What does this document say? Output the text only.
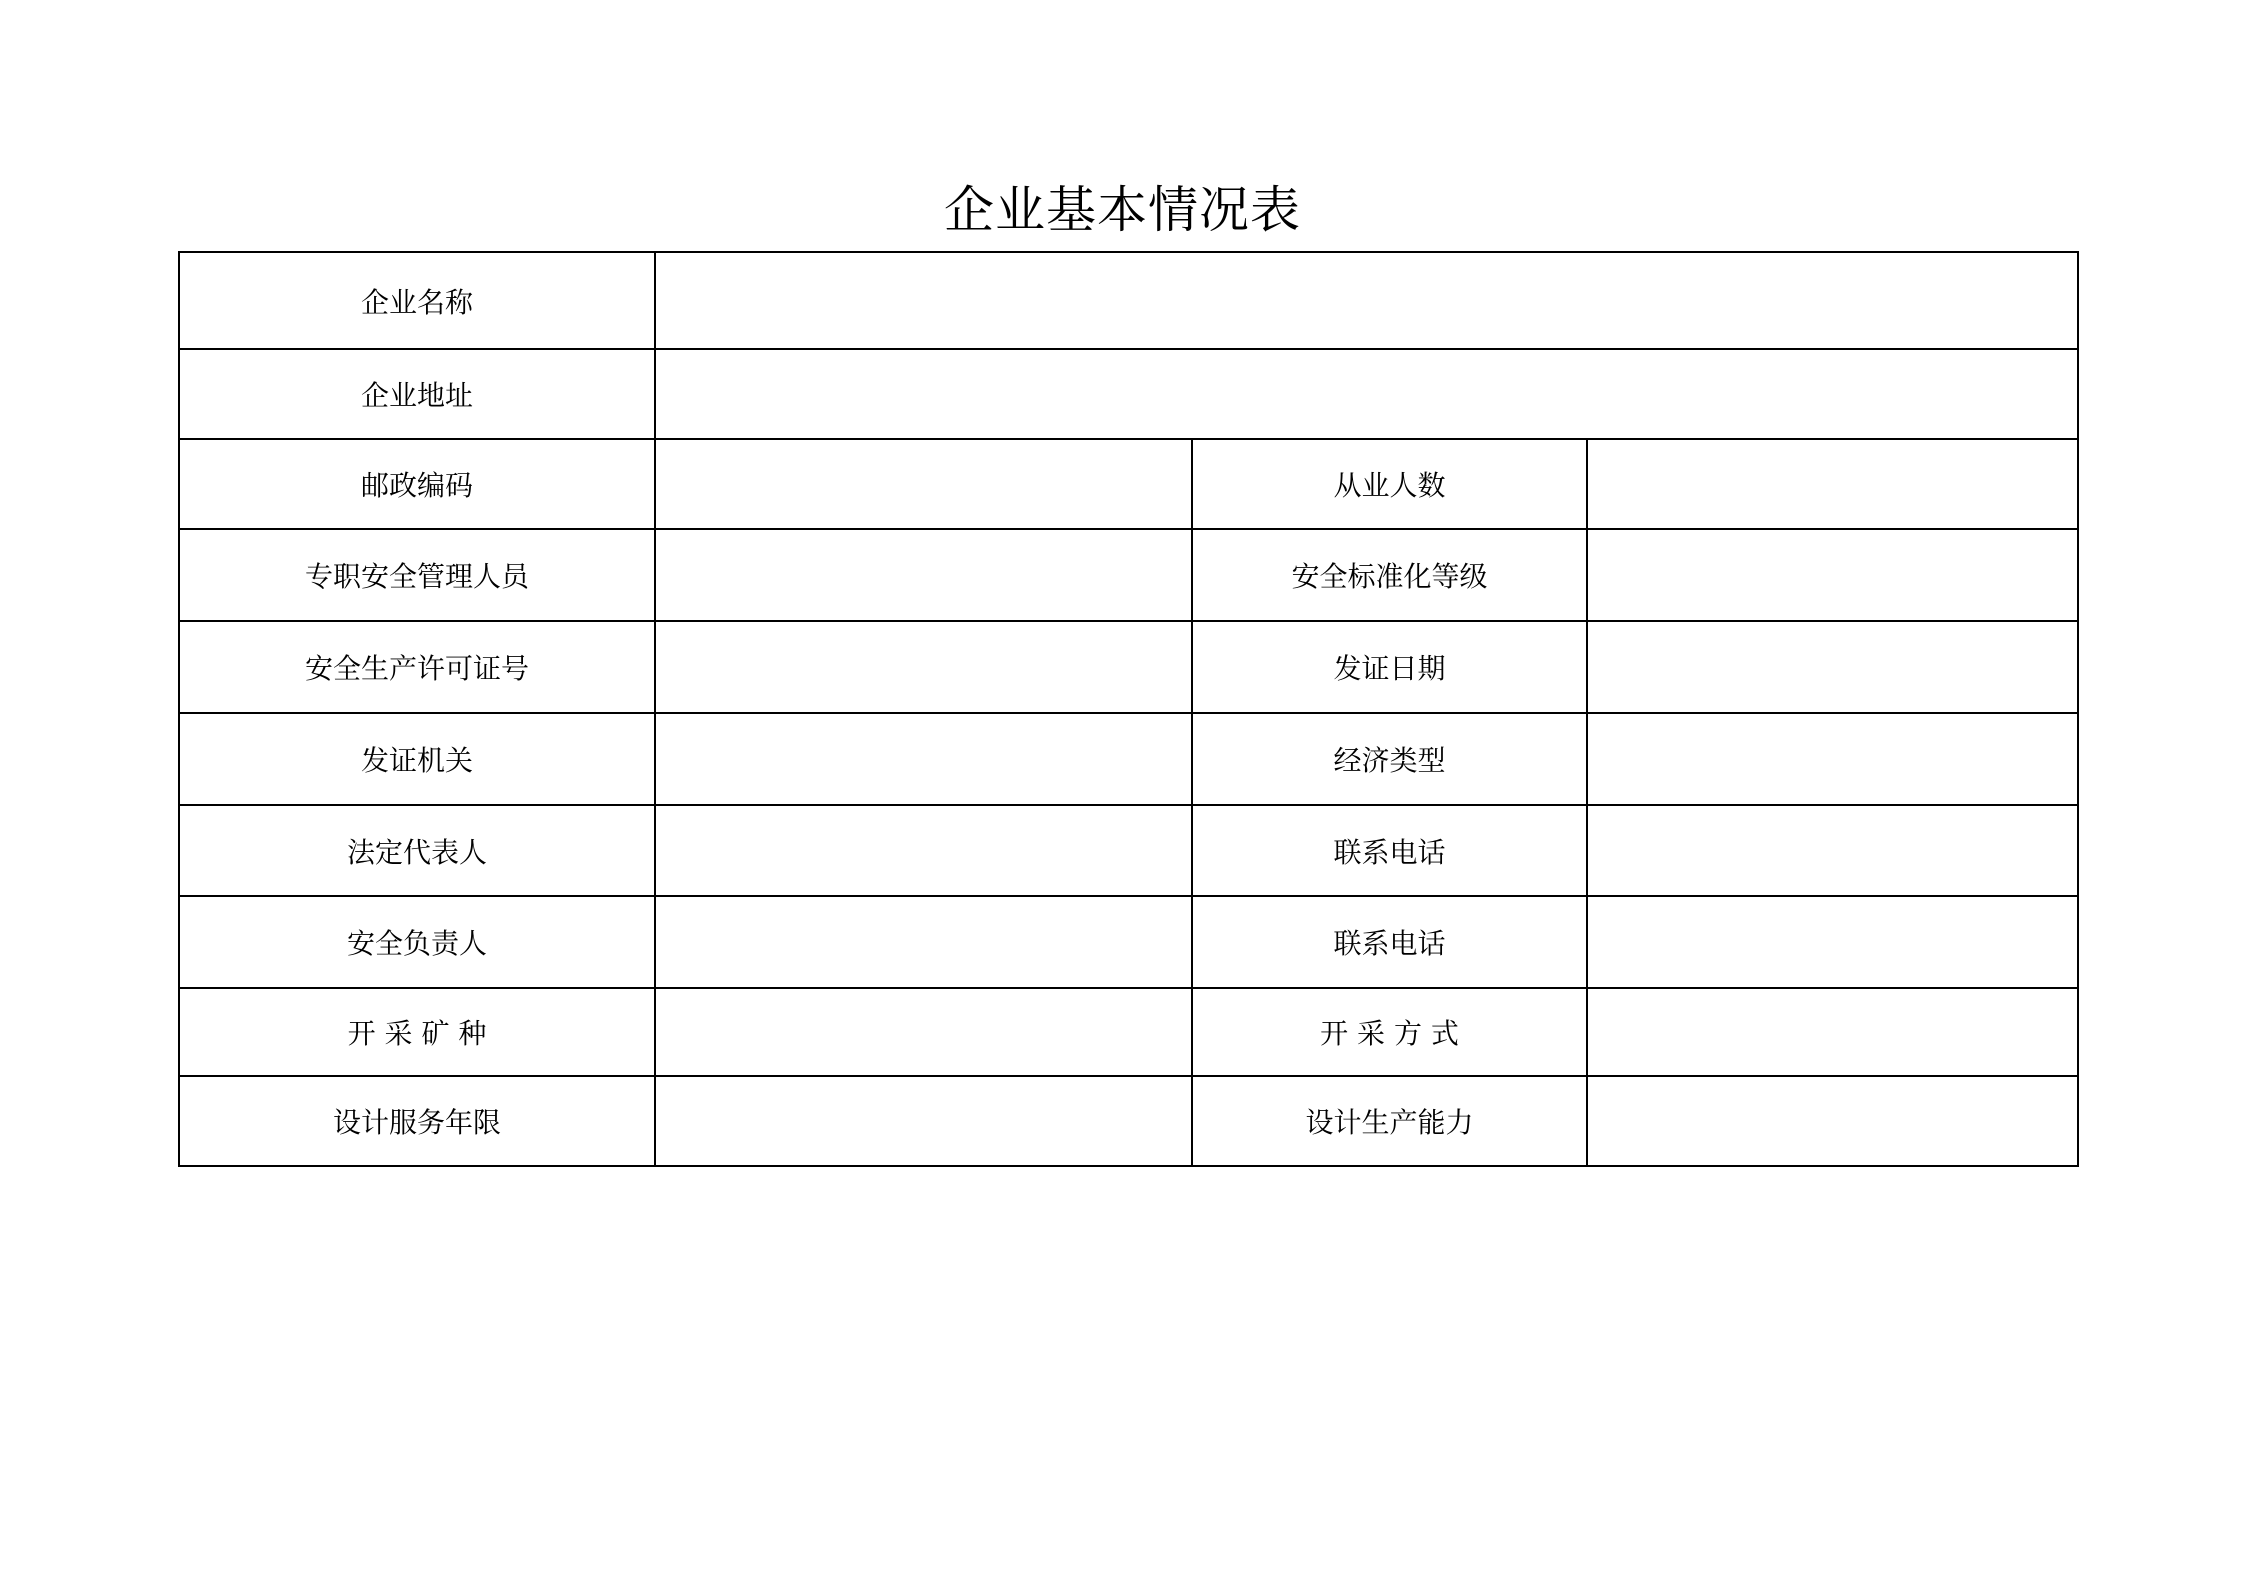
企业基本情况表
企业名称			
企业地址			
邮政编码		从业人数	
专职安全管理人员		安全标准化等级	
安全生产许可证号		发证日期	
发证机关		经济类型	
法定代表人		联系电话	
安全负责人		联系电话	
开 采 矿 种		开 采 方 式	
设计服务年限		设计生产能力	
